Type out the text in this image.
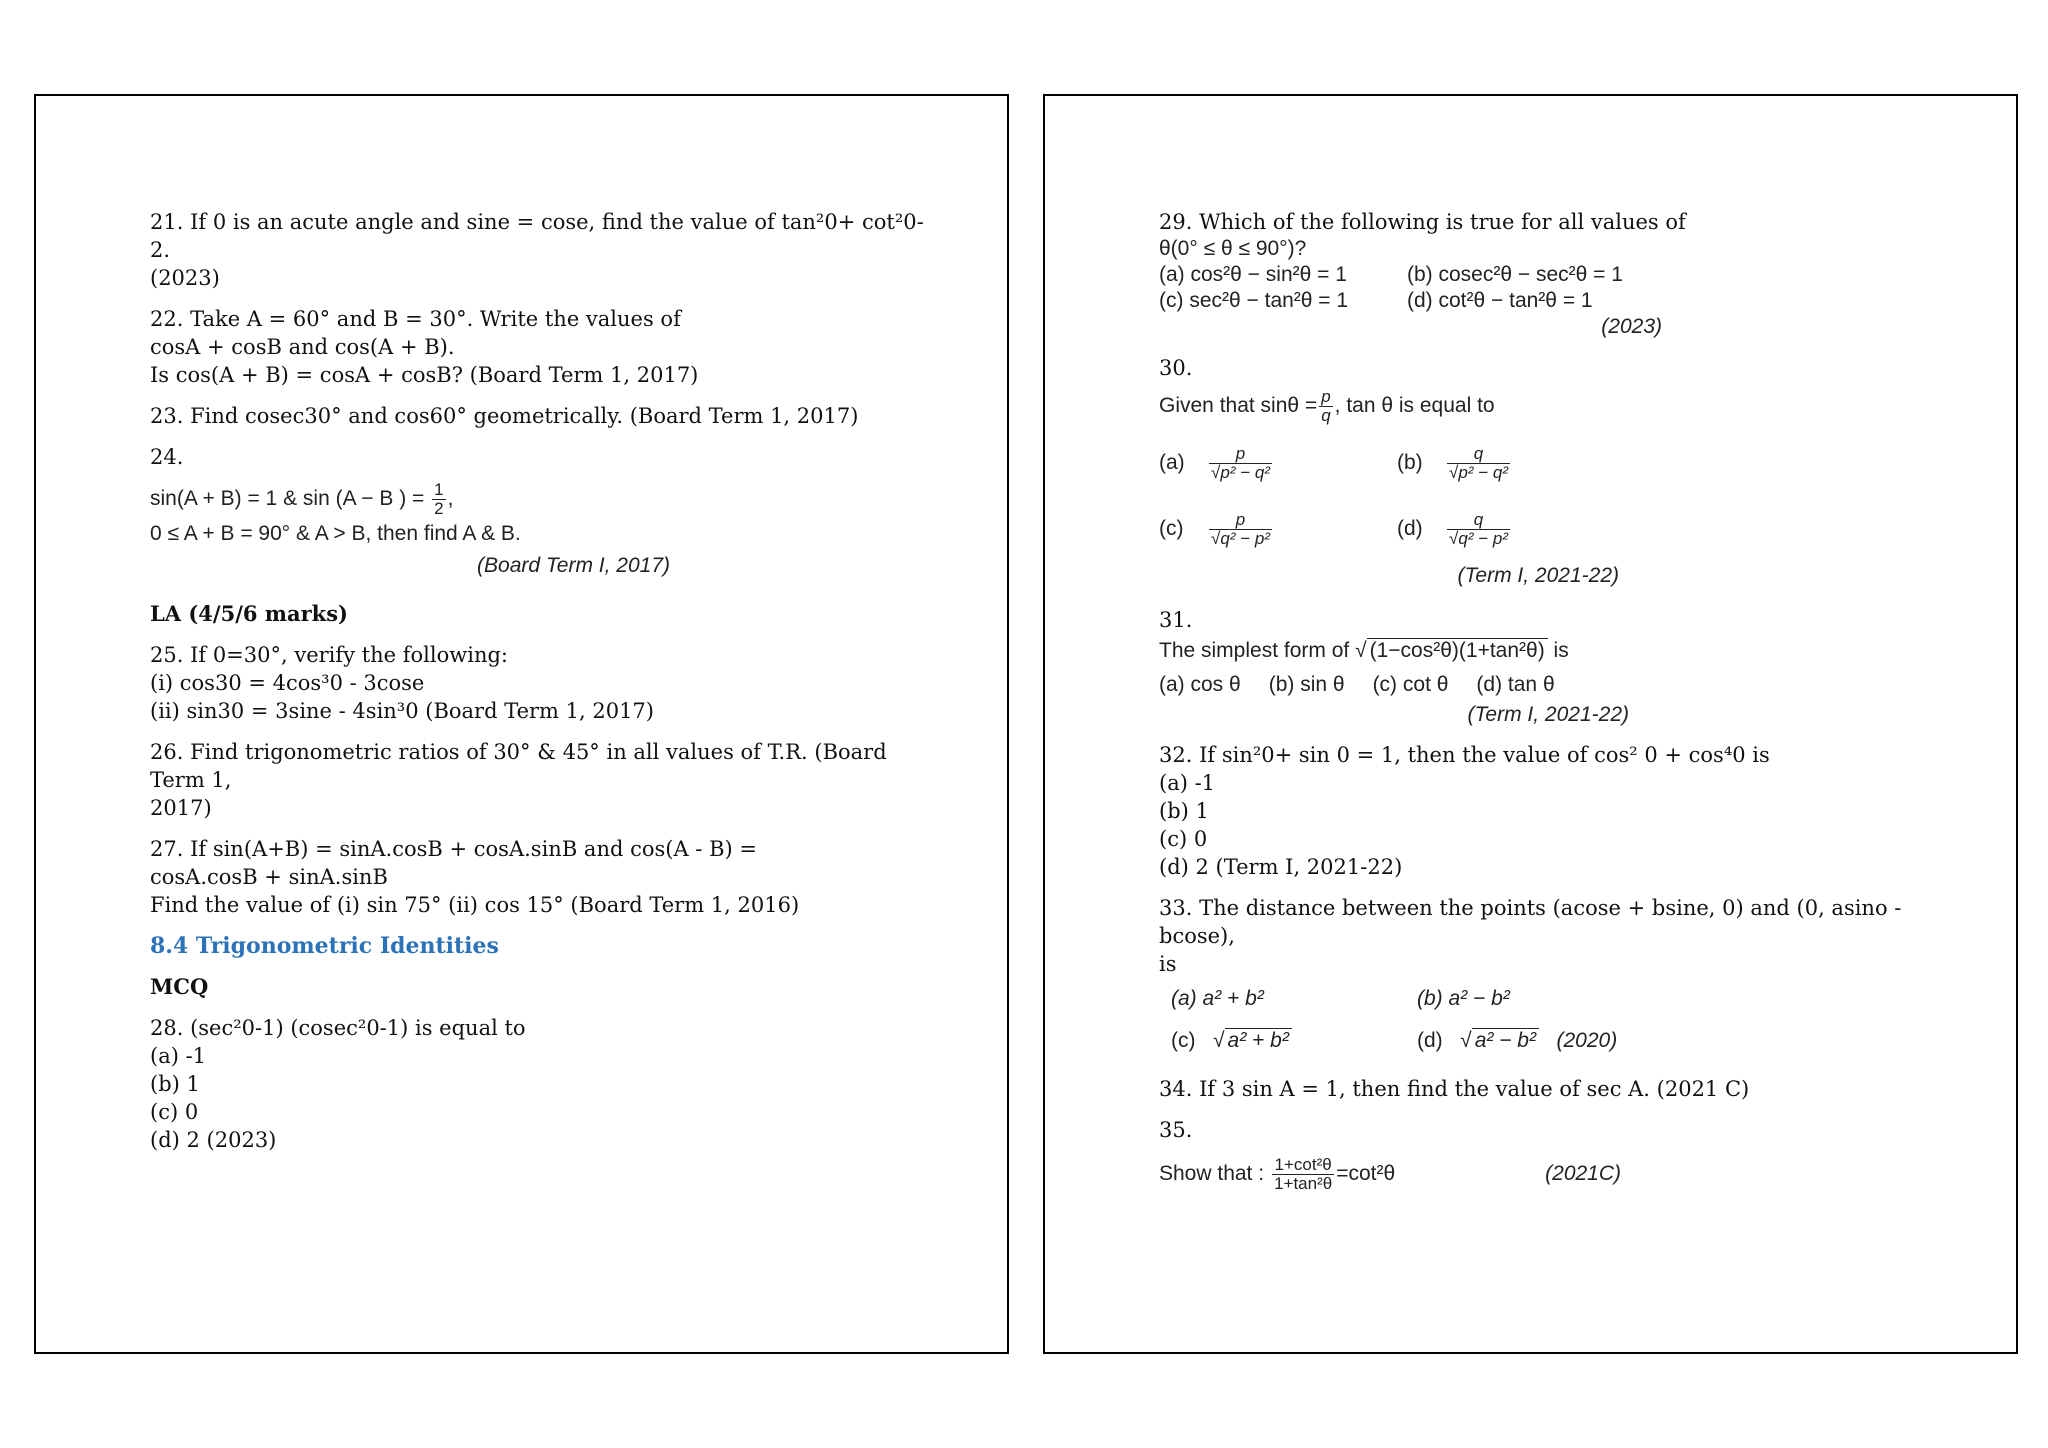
21. If 0 is an acute angle and sine = cose, find the value of tan²0+ cot²0-2.
(2023)
22. Take A = 60° and B = 30°. Write the values of
cosA + cosB and cos(A + B).
Is cos(A + B) = cosA + cosB? (Board Term 1, 2017)
23. Find cosec30° and cos60° geometrically. (Board Term 1, 2017)
24.
sin(A + B) = 1 & sin (A − B ) = $\frac{1}{2}$ ,
0 ≤ A + B = 90° & A > B, then find A & B.
(Board Term I, 2017)
LA (4/5/6 marks)
25. If 0=30°, verify the following:
(i) cos30 = 4cos³0 - 3cose
(ii) sin30 = 3sine - 4sin³0 (Board Term 1, 2017)
26. Find trigonometric ratios of 30° & 45° in all values of T.R. (Board Term 1,
2017)
27. If sin(A+B) = sinA.cosB + cosA.sinB and cos(A - B) =
cosA.cosB + sinA.sinB
Find the value of (i) sin 75° (ii) cos 15° (Board Term 1, 2016)
8.4 Trigonometric Identities
MCQ
28. (sec²0-1) (cosec²0-1) is equal to
(a) -1
(b) 1
(c) 0
(d) 2 (2023)
29. Which of the following is true for all values of
θ(0° ≤ θ ≤ 90°)?
(a) cos²θ − sin²θ = 1	(b) cosec²θ − sec²θ = 1
(c) sec²θ − tan²θ = 1	(d) cot²θ − tan²θ = 1
(2023)
30.
Given that $\sin\theta = \frac{p}{q}$ , tan θ is equal to
(a)	$\frac{p}{\text{√p² − q²}}$	(b)	$\frac{q}{\text{√p² − q²}}$
(c)	$\frac{p}{\text{√q² − p²}}$	(d)	$\frac{q}{\text{√q² − p²}}$
(Term I, 2021-22)
31.
The simplest form of √ (1−cos²θ)(1+tan²θ) is
(a) cos θ (b) sin θ (c) cot θ (d) tan θ
(Term I, 2021-22)
32. If sin²0+ sin 0 = 1, then the value of cos² 0 + cos⁴0 is
(a) -1
(b) 1
(c) 0
(d) 2 (Term I, 2021-22)
33. The distance between the points (acose + bsine, 0) and (0, asino - bcose),
is
(a) a² + b²	(b) a² − b²
(c)   √ a² + b²	(d)   √ a² − b² (2020)
34. If 3 sin A = 1, then find the value of sec A. (2021 C)
35.
Show that : $\frac{\text{1+cot²θ}}{\text{1+tan²θ}} =\cot^2\theta$	(2021C)
